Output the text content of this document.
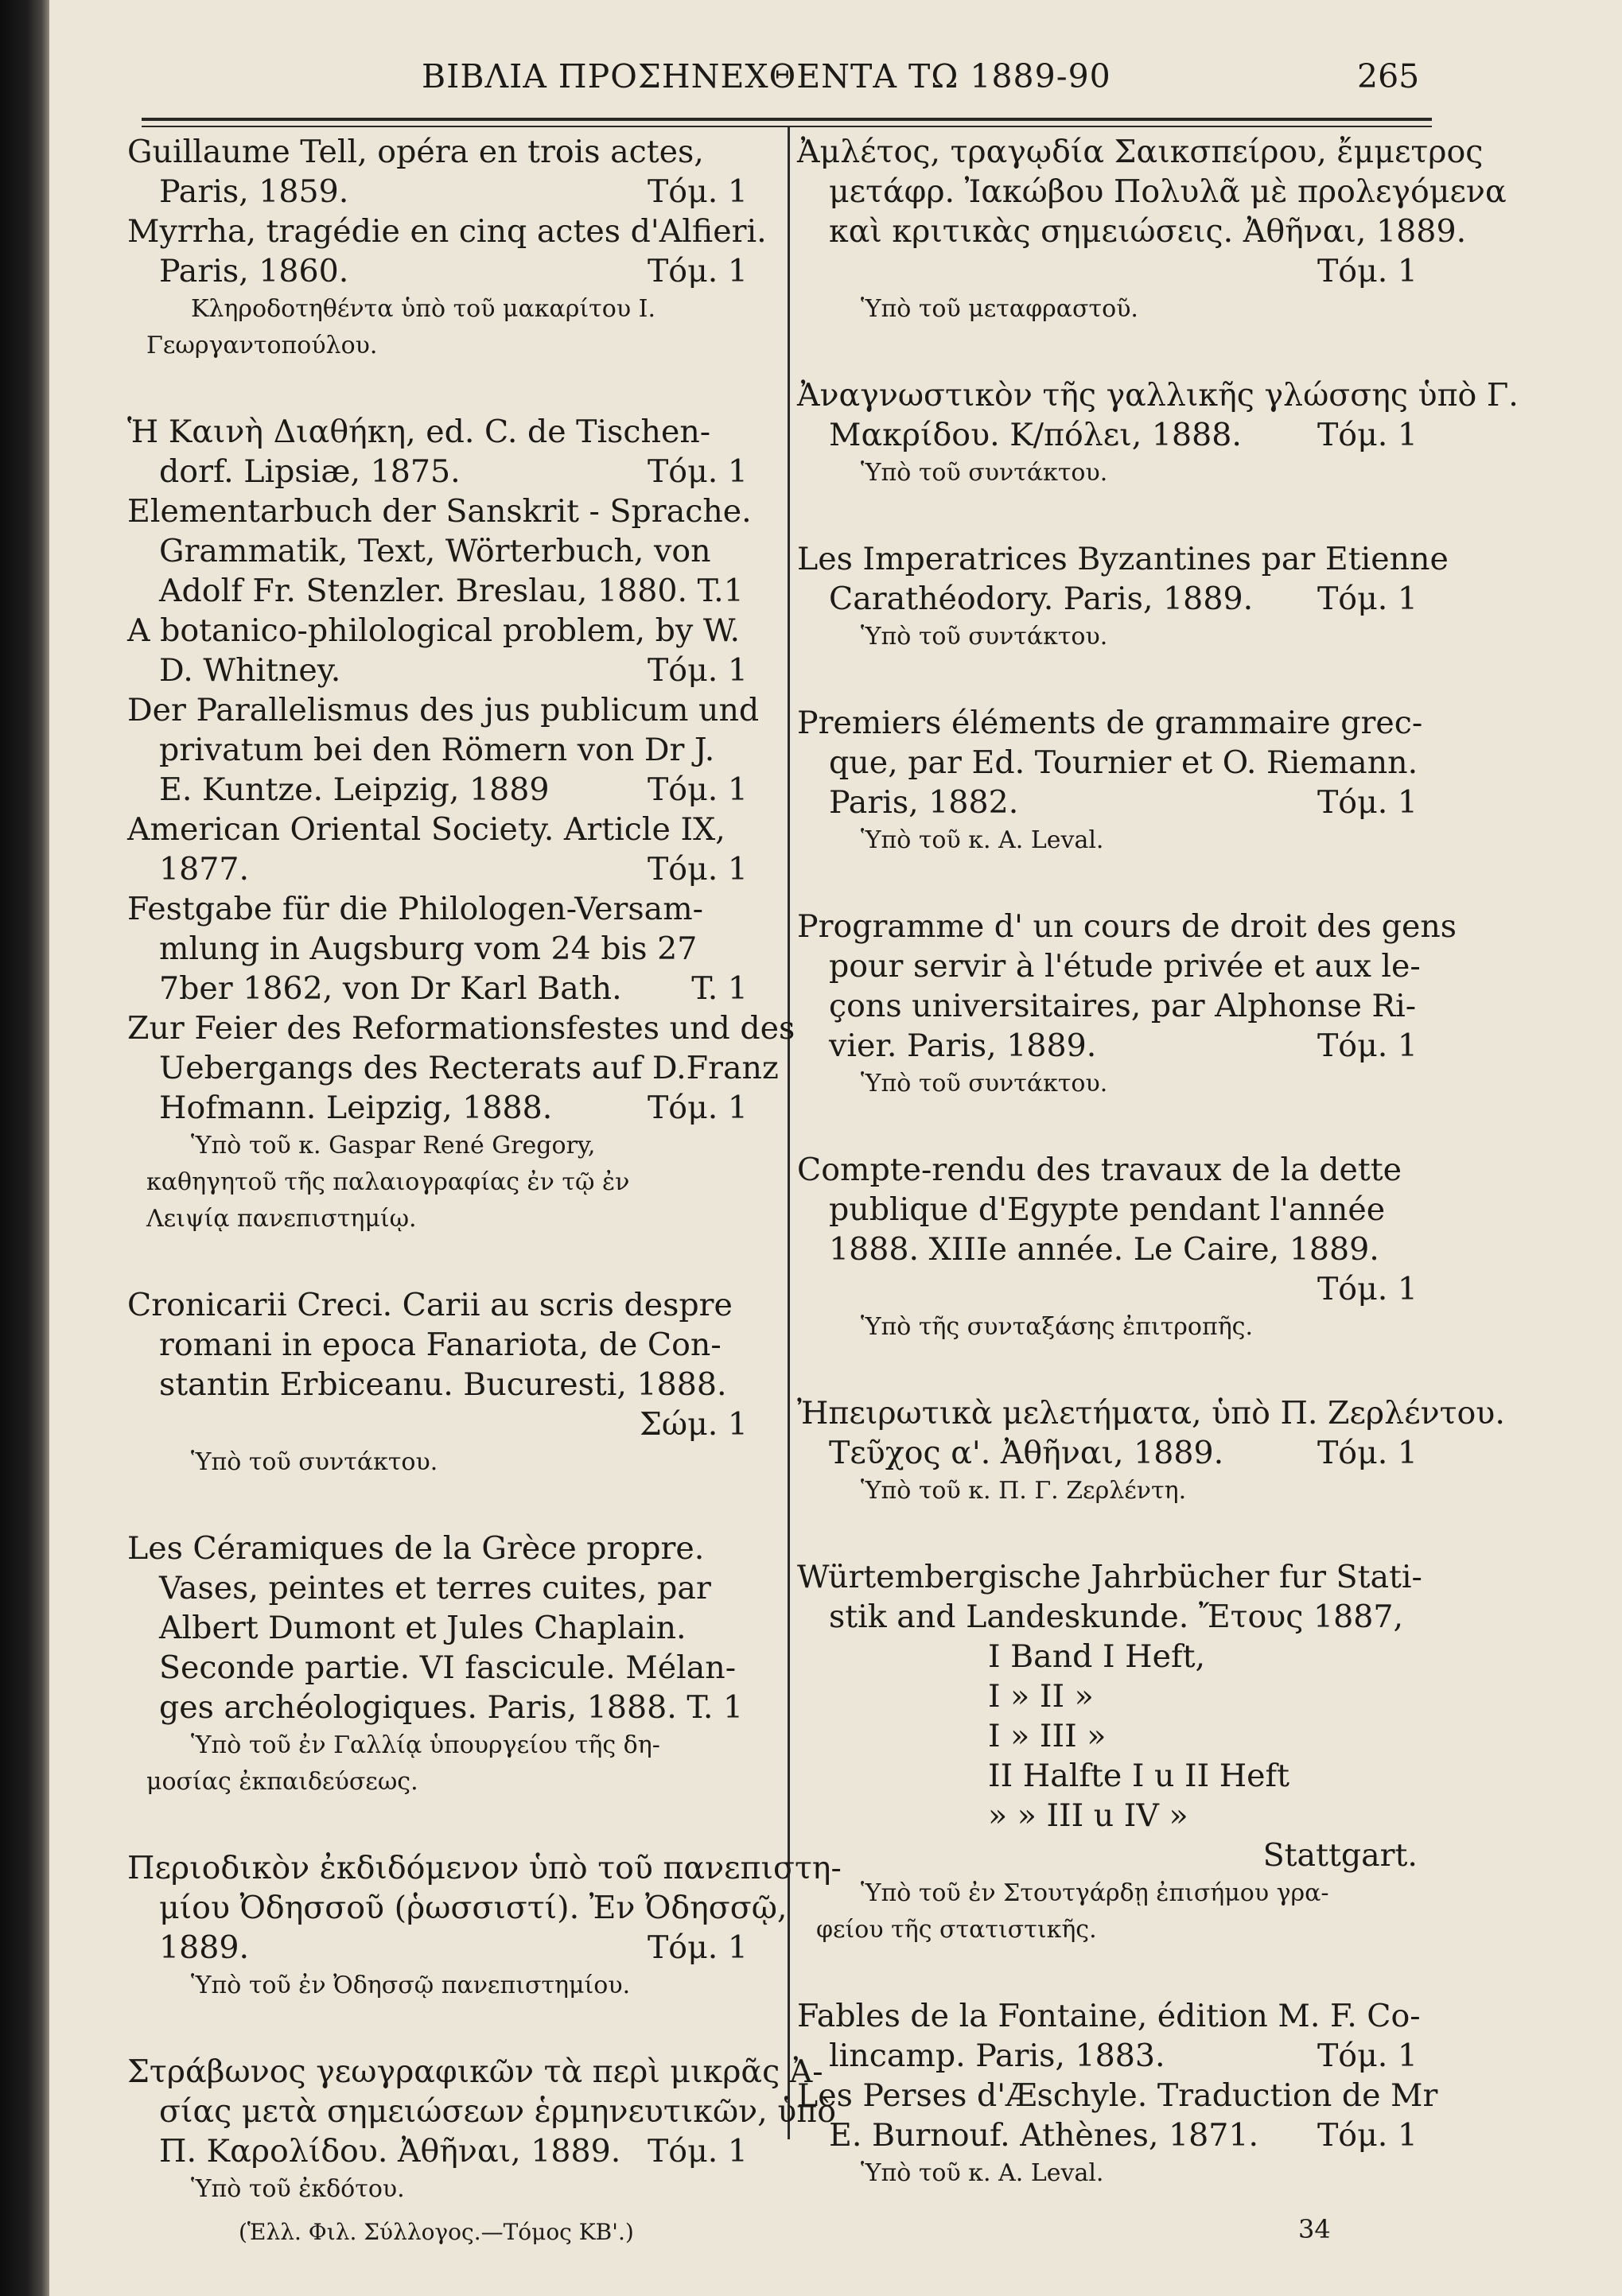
ΒΙΒΛΙΑ ΠΡΟΣΗΝΕΧΘΕΝΤΑ ΤΩ 1889-90	265
Guillaume Tell, opéra en trois actes,
Paris, 1859.	Τόμ. 1
Myrrha, tragédie en cinq actes d'Alfieri.
Paris, 1860.	Τόμ. 1
Κληροδοτηθέντα ὑπὸ τοῦ μακαρίτου Ι.
Γεωργαντοπούλου.
Ἡ Καινὴ Διαθήκη, ed. C. de Tischen-
dorf. Lipsiæ, 1875.	Τόμ. 1
Elementarbuch der Sanskrit - Sprache.
Grammatik, Text, Wörterbuch, von
Adolf Fr. Stenzler. Breslau, 1880. T.1
A botanico-philological problem, by W.
D. Whitney.	Τόμ. 1
Der Parallelismus des jus publicum und
privatum bei den Römern von Dr J.
E. Kuntze. Leipzig, 1889	Τόμ. 1
American Oriental Society. Article IX,
1877.	Τόμ. 1
Festgabe für die Philologen-Versam-
mlung in Augsburg vom 24 bis 27
7ber 1862, von Dr Karl Bath. T. 1
Zur Feier des Reformationsfestes und des
Uebergangs des Recterats auf D.Franz
Hofmann. Leipzig, 1888.	Τόμ. 1
Ὑπὸ τοῦ κ. Gaspar René Gregory,
καθηγητοῦ τῆς παλαιογραφίας ἐν τῷ ἐν
Λειψίᾳ πανεπιστημίῳ.
Cronicarii Creci. Carii au scris despre
romani in epoca Fanariota, de Con-
stantin Erbiceanu. Bucuresti, 1888.
Σώμ. 1
Ὑπὸ τοῦ συντάκτου.
Les Céramiques de la Grèce propre.
Vases, peintes et terres cuites, par
Albert Dumont et Jules Chaplain.
Seconde partie. VI fascicule. Mélan-
ges archéologiques. Paris, 1888. T. 1
Ὑπὸ τοῦ ἐν Γαλλίᾳ ὑπουργείου τῆς δη-
μοσίας ἐκπαιδεύσεως.
Περιοδικὸν ἐκδιδόμενον ὑπὸ τοῦ πανεπιστη-
μίου Ὀδησσοῦ (ῥωσσιστί). Ἐν Ὀδησσῷ,
1889.	Τόμ. 1
Ὑπὸ τοῦ ἐν Ὀδησσῷ πανεπιστημίου.
Στράβωνος γεωγραφικῶν τὰ περὶ μικρᾶς Ἀ-
σίας μετὰ σημειώσεων ἑρμηνευτικῶν, ὑπὸ
Π. Καρολίδου. Ἀθῆναι, 1889. Τόμ. 1
Ὑπὸ τοῦ ἐκδότου.
Ἀμλέτος, τραγῳδία Σαικσπείρου, ἔμμετρος
μετάφρ. Ἰακώβου Πολυλᾶ μὲ προλεγόμενα
καὶ κριτικὰς σημειώσεις. Ἀθῆναι, 1889.
Τόμ. 1
Ὑπὸ τοῦ μεταφραστοῦ.
Ἀναγνωστικὸν τῆς γαλλικῆς γλώσσης ὑπὸ Γ.
Μακρίδου. Κ/πόλει, 1888. Τόμ. 1
Ὑπὸ τοῦ συντάκτου.
Les Imperatrices Byzantines par Etienne
Carathéodory. Paris, 1889. Τόμ. 1
Ὑπὸ τοῦ συντάκτου.
Premiers éléments de grammaire grec-
que, par Ed. Tournier et O. Riemann.
Paris, 1882.	Τόμ. 1
Ὑπὸ τοῦ κ. A. Leval.
Programme d' un cours de droit des gens
pour servir à l'étude privée et aux le-
çons universitaires, par Alphonse Ri-
vier. Paris, 1889.	Τόμ. 1
Ὑπὸ τοῦ συντάκτου.
Compte-rendu des travaux de la dette
publique d'Egypte pendant l'année
1888. XIIIe année. Le Caire, 1889.
Τόμ. 1
Ὑπὸ τῆς συνταξάσης ἐπιτροπῆς.
Ἠπειρωτικὰ μελετήματα, ὑπὸ Π. Ζερλέντου.
Τεῦχος α'. Ἀθῆναι, 1889.	Τόμ. 1
Ὑπὸ τοῦ κ. Π. Γ. Ζερλέντη.
Würtembergische Jahrbücher fur Stati-
stik and Landeskunde. Ἔτους 1887,
I Band I Heft,
I » II »
I » III »
II Halfte I u II Heft
» » III u IV »
Stattgart.
Ὑπὸ τοῦ ἐν Στουτγάρδῃ ἐπισήμου γρα-
φείου τῆς στατιστικῆς.
Fables de la Fontaine, édition M. F. Co-
lincamp. Paris, 1883.	Τόμ. 1
Les Perses d'Æschyle. Traduction de Mr
E. Burnouf. Athènes, 1871. Τόμ. 1
Ὑπὸ τοῦ κ. A. Leval.
(Ἑλλ. Φιλ. Σύλλογος.—Τόμος ΚΒ'.)	34
